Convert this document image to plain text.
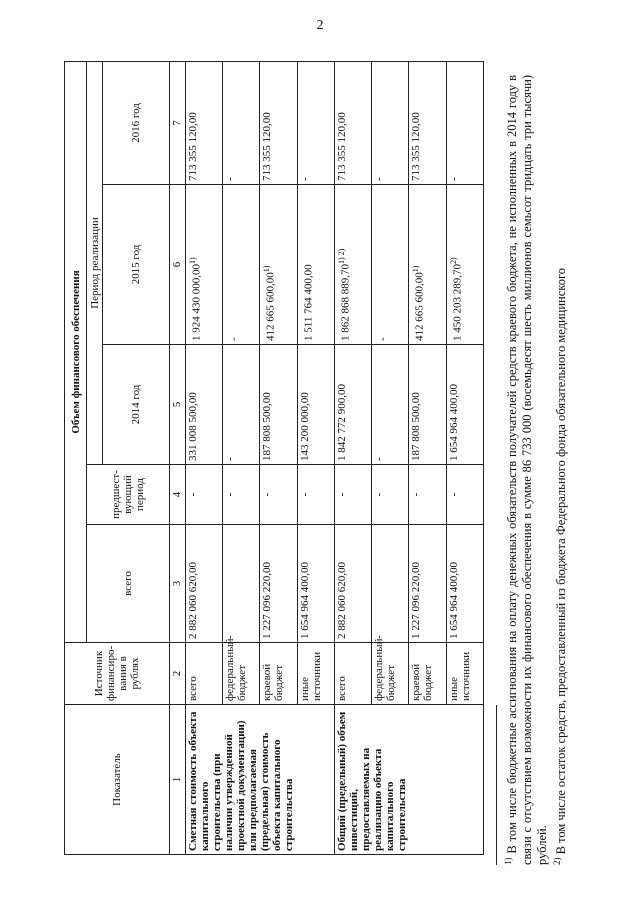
2
Показатель	Источник финансиро-вания в рублях	Объем финансового обеспечения				
		всего	предшест-вующий период	Период реализации		
				2014 год	2015 год	2016 год
1	2	3	4	5	6	7
Сметная стоимость объекта капитального строительства (при наличии утвержденной проектной документации) или предполагаемая (предельная) стоимость объекта капитального строительства	всего	2 882 060 620,00	-	331 008 500,00	1 924 430 000,00$^{1)}$	713 355 120,00
	федеральный бюджет	-	-	-	-	-
	краевой бюджет	1 227 096 220,00	-	187 808 500,00	412 665 600,00$^{1)}$	713 355 120,00
	иные источники	1 654 964 400,00	-	143 200 000,00	1 511 764 400,00	-
Общий (предельный) объем инвестиций, предоставляемых на реализацию объекта капитального строительства	всего	2 882 060 620,00	-	1 842 772 900,00	1 862 868 $889,70^{1) 2)}$	713 355 120,00
	федеральный бюджет	-	-	-	-	-
	краевой бюджет	1 227 096 220,00	-	187 808 500,00	412 665 600,00$^{1)}$	713 355 120,00
	иные источники	1 654 964 400,00	-	1 654 964 400,00	1 450 203 289,70$^{2)}$	-

$^{1)}$ В том числе бюджетные ассигнования на оплату денежных обязательств получателей средств краевого бюджета, не исполненных в 2014 году в связи с отсутствием возможности их финансового обеспечения в сумме 86 733 000 (восемьдесят шесть миллионов семьсот тридцать три тысячи) рублей. $^{2)}$ В том числе остаток средств, предоставленный из бюджета Федерального фонда обязательного медицинского
